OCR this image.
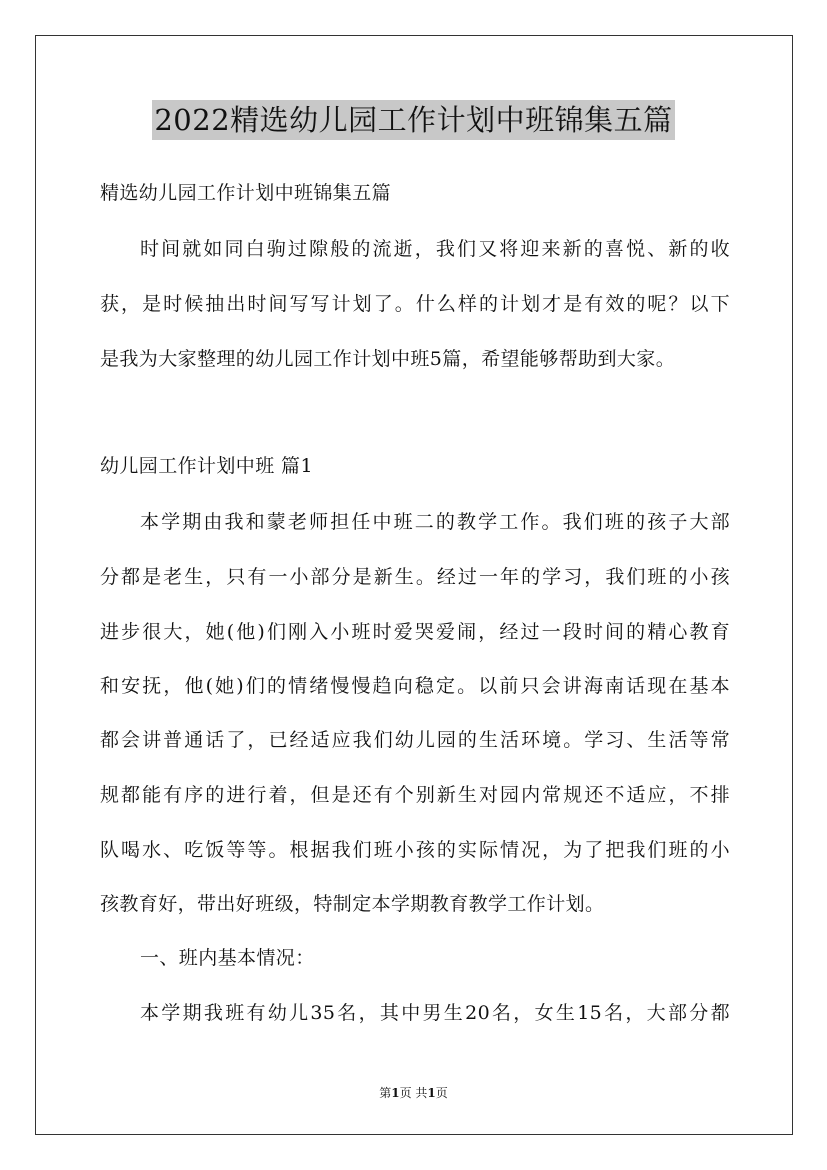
2022精选幼儿园工作计划中班锦集五篇
精选幼儿园工作计划中班锦集五篇
时间就如同白驹过隙般的流逝，我们又将迎来新的喜悦、新的收
获，是时候抽出时间写写计划了。什么样的计划才是有效的呢？以下
是我为大家整理的幼儿园工作计划中班5篇，希望能够帮助到大家。
幼儿园工作计划中班 篇1
本学期由我和蒙老师担任中班二的教学工作。我们班的孩子大部
分都是老生，只有一小部分是新生。经过一年的学习，我们班的小孩
进步很大，她(他)们刚入小班时爱哭爱闹，经过一段时间的精心教育
和安抚，他(她)们的情绪慢慢趋向稳定。以前只会讲海南话现在基本
都会讲普通话了，已经适应我们幼儿园的生活环境。学习、生活等常
规都能有序的进行着，但是还有个别新生对园内常规还不适应，不排
队喝水、吃饭等等。根据我们班小孩的实际情况，为了把我们班的小
孩教育好，带出好班级，特制定本学期教育教学工作计划。
一、班内基本情况：
本学期我班有幼儿35名，其中男生20名，女生15名，大部分都
第1页 共1页
